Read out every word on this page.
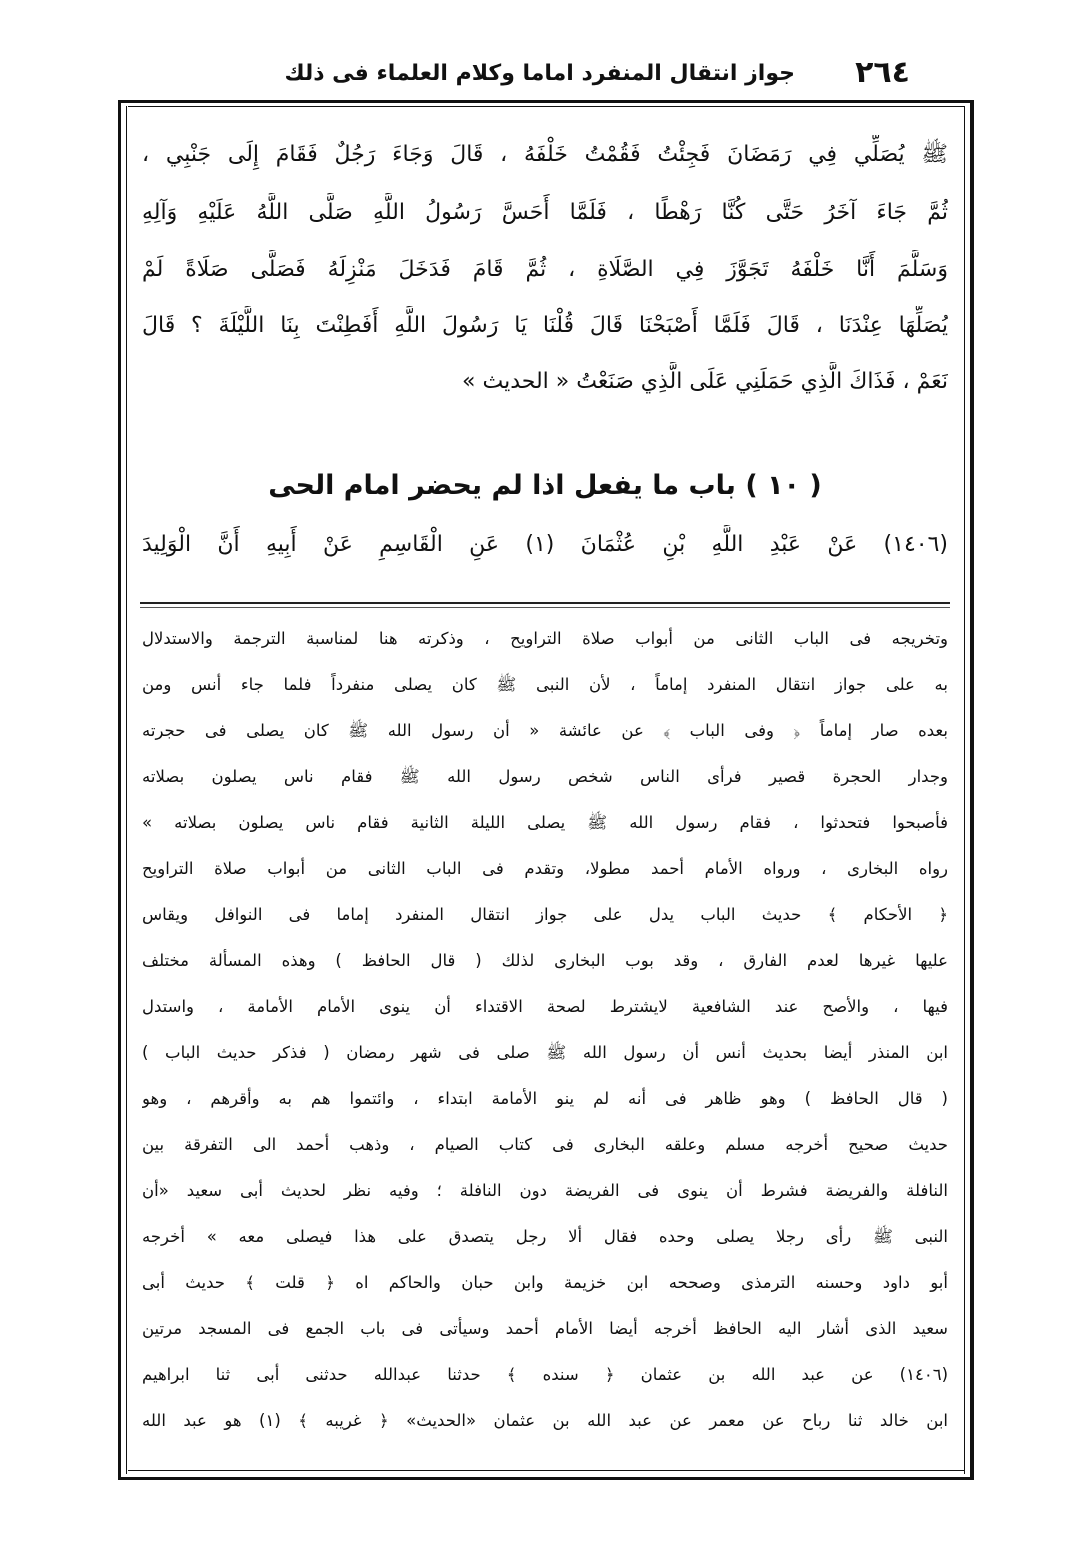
٢٦٤
جواز انتقال المنفرد اماما وكلام العلماء فى ذلك
ﷺ يُصَلِّي فِي رَمَضَانَ فَجِئْتُ فَقُمْتُ خَلْفَهُ ، قَالَ وَجَاءَ رَجُلٌ فَقَامَ إِلَى جَنْبِي ،
ثُمَّ جَاءَ آخَرُ حَتَّى كُنَّا رَهْطًا ، فَلَمَّا أَحَسَّ رَسُولُ اللَّهِ صَلَّى اللَّهُ عَلَيْهِ وَآلِهِ
وَسَلَّمَ أَنَّا خَلْفَهُ تَجَوَّزَ فِي الصَّلَاةِ ، ثُمَّ قَامَ فَدَخَلَ مَنْزِلَهُ فَصَلَّى صَلَاةً لَمْ
يُصَلِّهَا عِنْدَنَا ، قَالَ فَلَمَّا أَصْبَحْنَا قَالَ قُلْنَا يَا رَسُولَ اللَّهِ أَفَطِنْتَ بِنَا اللَّيْلَةَ ؟ قَالَ
نَعَمْ ، فَذَاكَ الَّذِي حَمَلَنِي عَلَى الَّذِي صَنَعْتُ « الحديث »
( ١٠ ) باب ما يفعل اذا لم يحضر امام الحى
(١٤٠٦) عَنْ عَبْدِ اللَّهِ بْنِ عُثْمَانَ (١) عَنِ الْقَاسِمِ عَنْ أَبِيهِ أَنَّ الْوَلِيدَ
وتخريجه فى الباب الثانى من أبواب صلاة التراويح ، وذكرته هنا لمناسبة الترجمة والاستدلال
به على جواز انتقال المنفرد إماماً ، لأن النبى ﷺ كان يصلى منفرداً فلما جاء أنس ومن
بعده صار إماماً ﴿ وفى الباب ﴾ عن عائشة « أن رسول الله ﷺ كان يصلى فى حجرته
وجدار الحجرة قصير فرأى الناس شخص رسول الله ﷺ فقام ناس يصلون بصلاته
فأصبحوا فتحدثوا ، فقام رسول الله ﷺ يصلى الليلة الثانية فقام ناس يصلون بصلاته »
رواه البخارى ، ورواه الأمام أحمد مطولا، وتقدم فى الباب الثانى من أبواب صلاة التراويح
﴿ الأحكام ﴾ حديث الباب يدل على جواز انتقال المنفرد إماما فى النوافل ويقاس
عليها غيرها لعدم الفارق ، وقد بوب البخارى لذلك ( قال الحافظ ) وهذه المسألة مختلف
فيها ، والأصح عند الشافعية لايشترط لصحة الاقتداء أن ينوى الأمام الأمامة ، واستدل
ابن المنذر أيضا بحديث أنس أن رسول الله ﷺ صلى فى شهر رمضان ( فذكر حديث الباب )
( قال الحافظ ) وهو ظاهر فى أنه لم ينو الأمامة ابتداء ، وائتموا هم به وأقرهم ، وهو
حديث صحيح أخرجه مسلم وعلقه البخارى فى كتاب الصيام ، وذهب أحمد الى التفرقة بين
النافلة والفريضة فشرط أن ينوى فى الفريضة دون النافلة ؛ وفيه نظر لحديث أبى سعيد «أن
النبى ﷺ رأى رجلا يصلى وحده فقال ألا رجل يتصدق على هذا فيصلى معه » أخرجه
أبو داود وحسنه الترمذى وصححه ابن خزيمة وابن حبان والحاكم اه ﴿ قلت ﴾ حديث أبى
سعيد الذى أشار اليه الحافظ أخرجه أيضا الأمام أحمد وسيأتى فى باب الجمع فى المسجد مرتين
(١٤٠٦) عن عبد الله بن عثمان ﴿ سنده ﴾ حدثنا عبدالله حدثنى أبى ثنا ابراهيم
ابن خالد ثنا رباح عن معمر عن عبد الله بن عثمان «الحديث» ﴿ غريبه ﴾ (١) هو عبد الله
